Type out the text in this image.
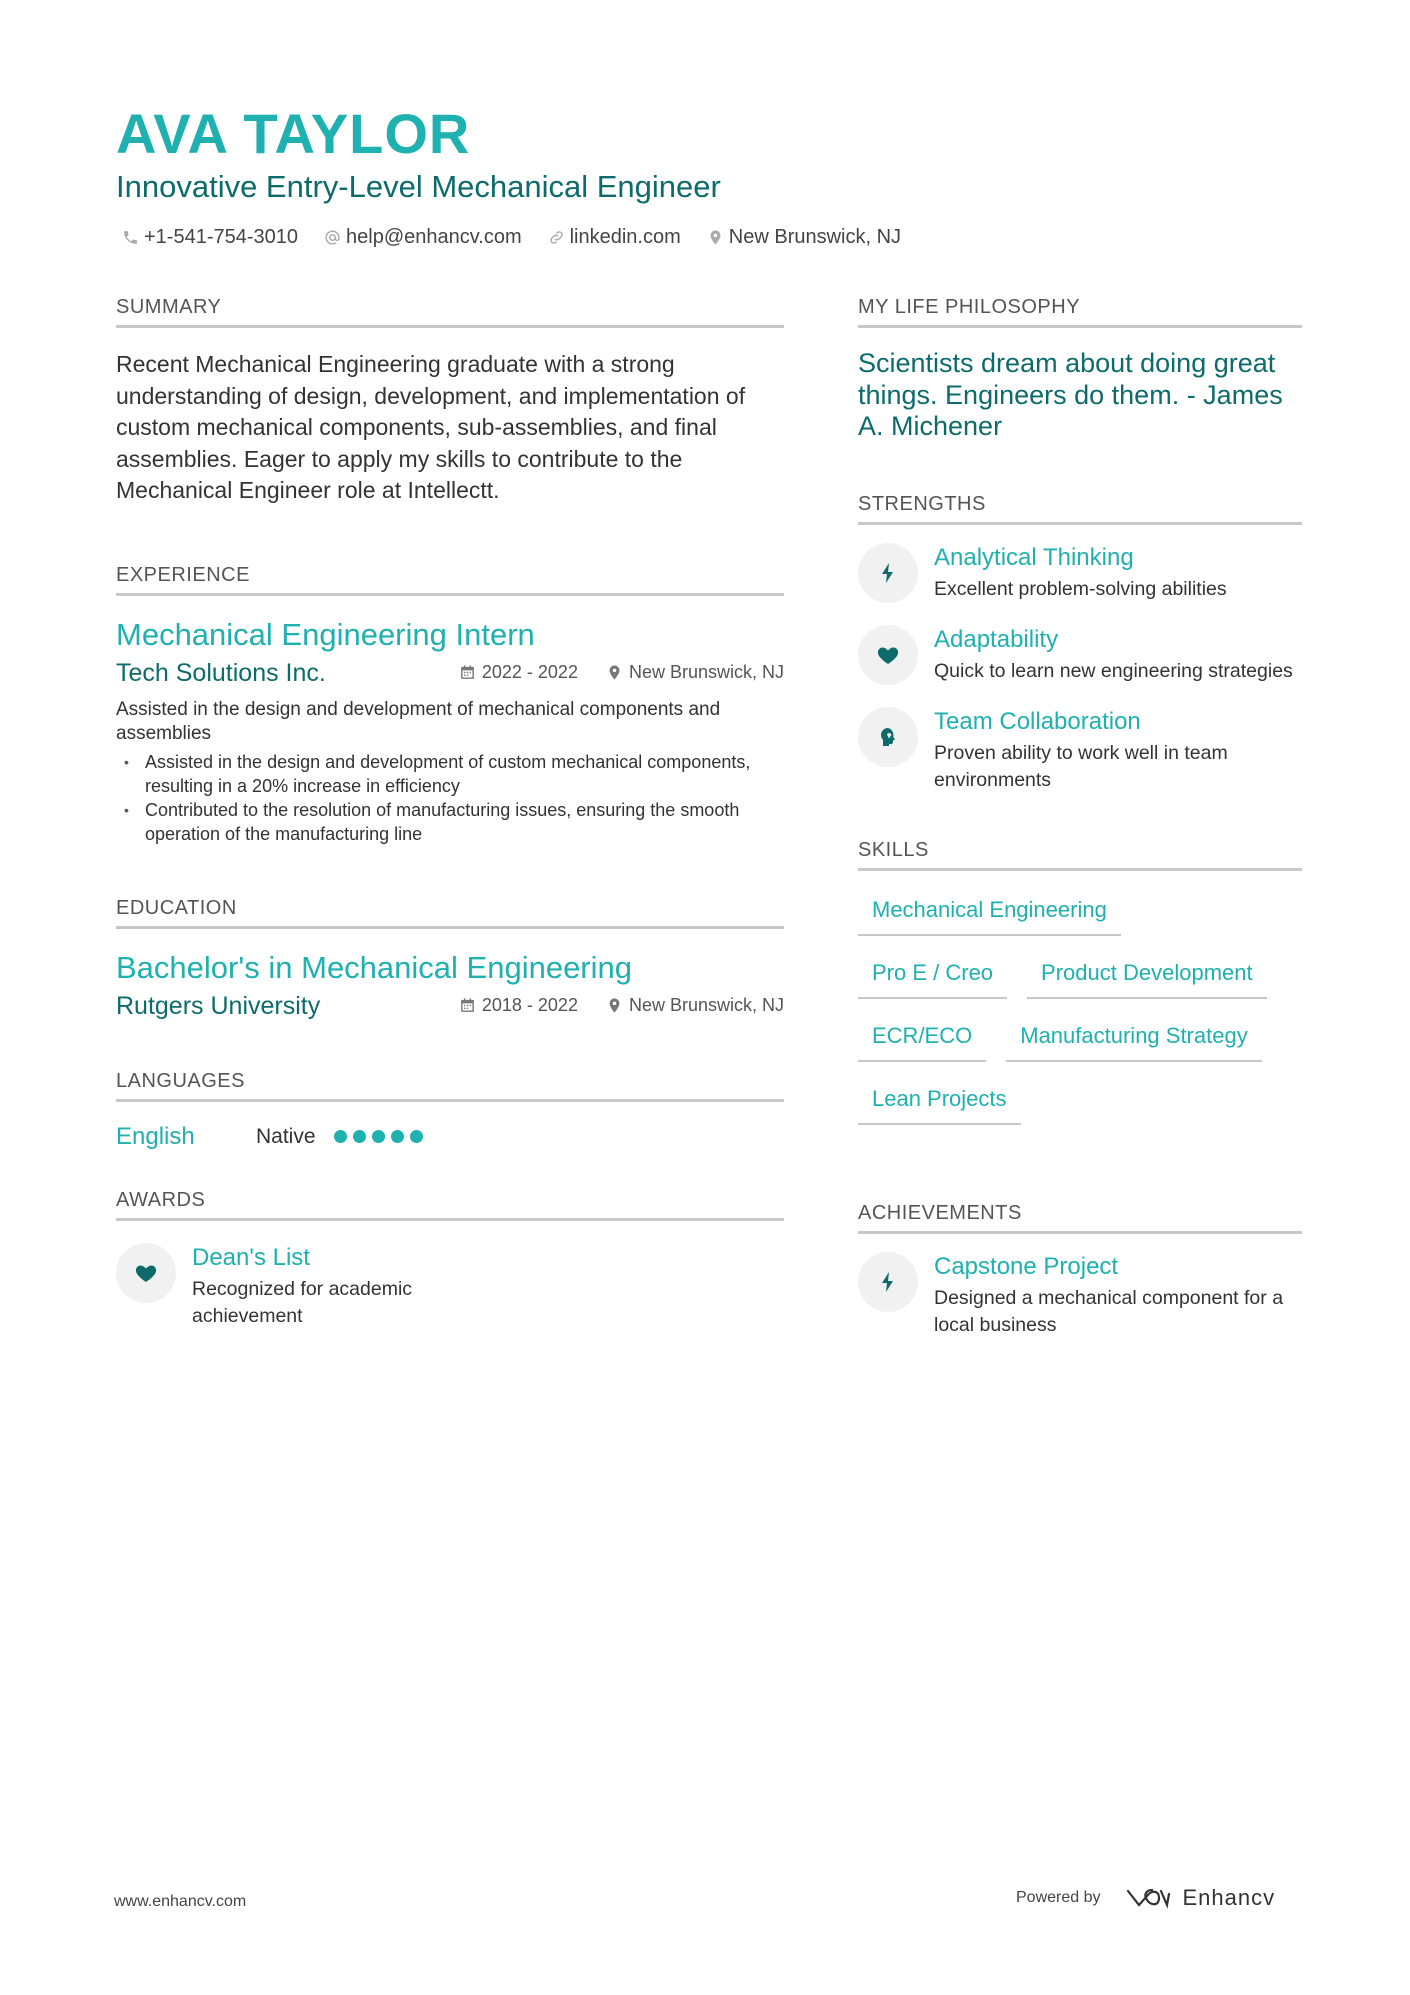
AVA TAYLOR
Innovative Entry-Level Mechanical Engineer
+1-541-754-3010 help@enhancv.com linkedin.com New Brunswick, NJ
SUMMARY

Recent Mechanical Engineering graduate with a strong understanding of design, development, and implementation of custom mechanical components, sub-assemblies, and final assemblies. Eager to apply my skills to contribute to the Mechanical Engineer role at Intellectt.

EXPERIENCE
Mechanical Engineering Intern
Tech Solutions Inc.	2022 - 2022	New Brunswick, NJ

Assisted in the design and development of mechanical components and assemblies

• Assisted in the design and development of custom mechanical components, resulting in a 20% increase in efficiency
• Contributed to the resolution of manufacturing issues, ensuring the smooth operation of the manufacturing line
EDUCATION
Bachelor's in Mechanical Engineering
Rutgers University	2018 - 2022	New Brunswick, NJ
LANGUAGES
English	Native
AWARDS
Dean's List
Recognized for academic achievement
MY LIFE PHILOSOPHY

Scientists dream about doing great things. Engineers do them. - James A. Michener

STRENGTHS
Analytical Thinking
Excellent problem-solving abilities
Adaptability
Quick to learn new engineering strategies
Team Collaboration
Proven ability to work well in team environments
SKILLS
Mechanical Engineering
Pro E / Creo	Product Development
ECR/ECO	Manufacturing Strategy
Lean Projects
ACHIEVEMENTS
Capstone Project
Designed a mechanical component for a local business
www.enhancv.com	Powered by	Enhancv
